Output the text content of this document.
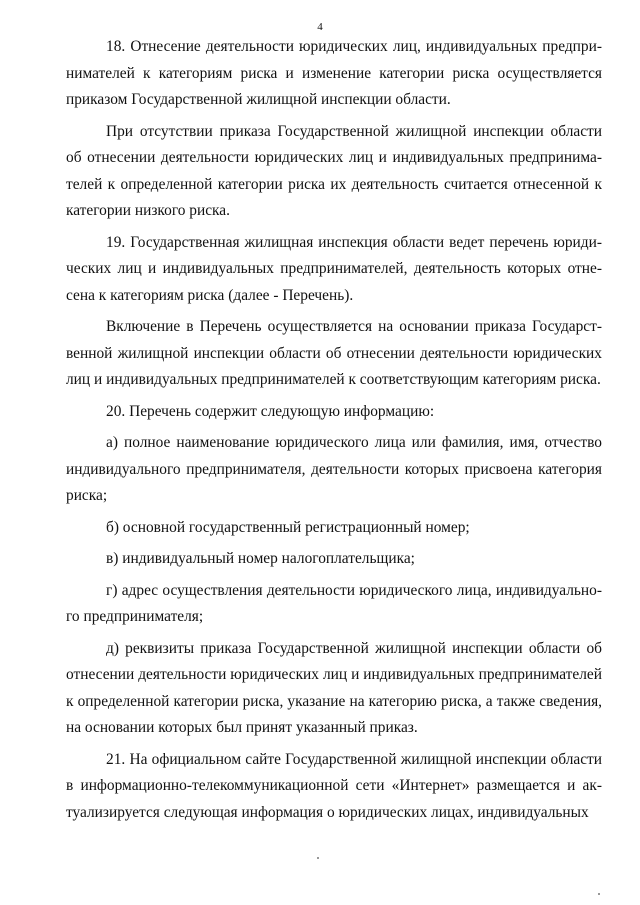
4

18. Отнесение деятельности юридических лиц, индивидуальных предпринимателей к категориям риска и изменение категории риска осуществляется приказом Государственной жилищной инспекции области.

При отсутствии приказа Государственной жилищной инспекции области об отнесении деятельности юридических лиц и индивидуальных предпринимателей к определенной категории риска их деятельность считается отнесенной к категории низкого риска.

19. Государственная жилищная инспекция области ведет перечень юридических лиц и индивидуальных предпринимателей, деятельность которых отнесена к категориям риска (далее - Перечень).

Включение в Перечень осуществляется на основании приказа Государственной жилищной инспекции области об отнесении деятельности юридических лиц и индивидуальных предпринимателей к соответствующим категориям риска.

20. Перечень содержит следующую информацию:

а) полное наименование юридического лица или фамилия, имя, отчество индивидуального предпринимателя, деятельности которых присвоена категория риска;

б) основной государственный регистрационный номер;

в) индивидуальный номер налогоплательщика;

г) адрес осуществления деятельности юридического лица, индивидуального предпринимателя;

д) реквизиты приказа Государственной жилищной инспекции области об отнесении деятельности юридических лиц и индивидуальных предпринимателей к определенной категории риска, указание на категорию риска, а также сведения, на основании которых был принят указанный приказ.

21. На официальном сайте Государственной жилищной инспекции области в информационно-телекоммуникационной сети «Интернет» размещается и актуализируется следующая информация о юридических лицах, индивидуальных
